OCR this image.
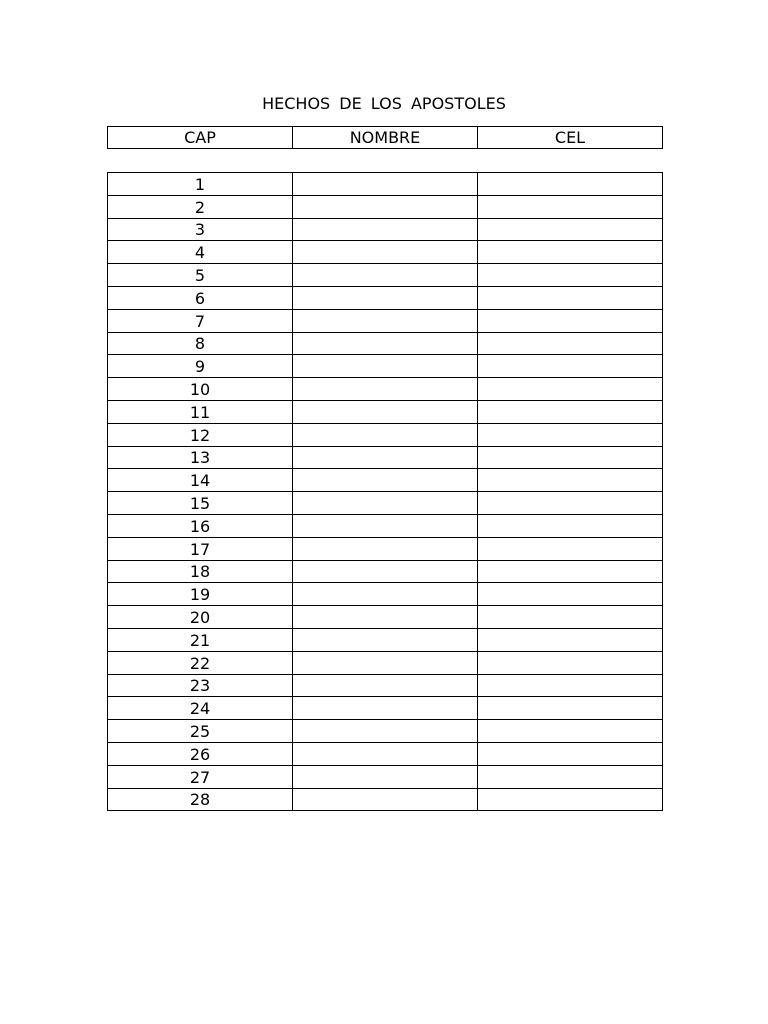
HECHOS DE LOS APOSTOLES
CAP	NOMBRE	CEL
1		
2		
3		
4		
5		
6		
7		
8		
9		
10		
11		
12		
13		
14		
15		
16		
17		
18		
19		
20		
21		
22		
23		
24		
25		
26		
27		
28		
